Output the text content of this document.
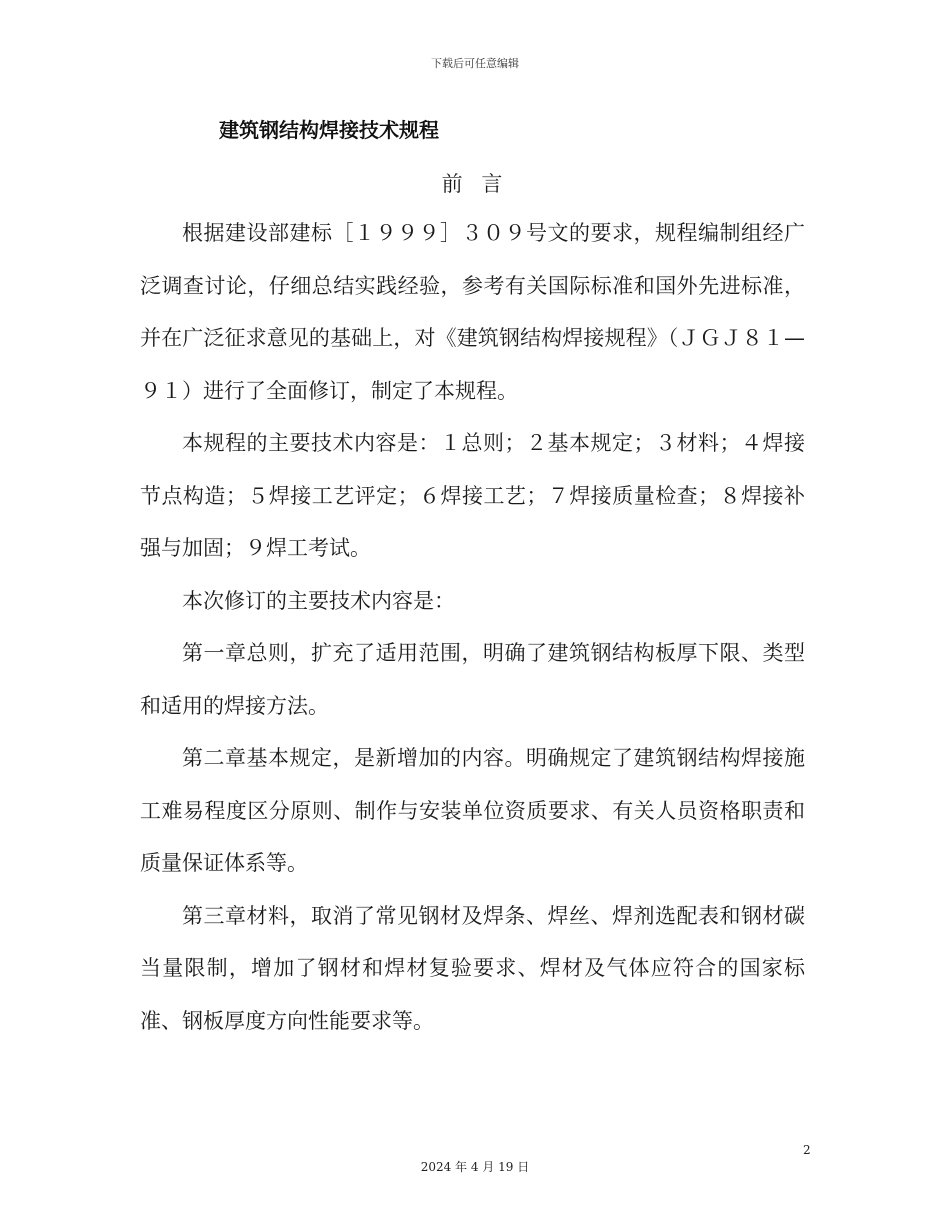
下载后可任意编辑
建筑钢结构焊接技术规程
前 言

根据建设部建标［１９９９］３０９号文的要求，规程编制组经广泛调查讨论，仔细总结实践经验，参考有关国际标准和国外先进标准，并在广泛征求意见的基础上，对《建筑钢结构焊接规程》（ＪＧＪ８１—９１）进行了全面修订，制定了本规程。

本规程的主要技术内容是：１总则；２基本规定；３材料；４焊接节点构造；５焊接工艺评定；６焊接工艺；７焊接质量检查；８焊接补强与加固；９焊工考试。

本次修订的主要技术内容是：

第一章总则，扩充了适用范围，明确了建筑钢结构板厚下限、类型和适用的焊接方法。

第二章基本规定，是新增加的内容。明确规定了建筑钢结构焊接施工难易程度区分原则、制作与安装单位资质要求、有关人员资格职责和质量保证体系等。

第三章材料，取消了常见钢材及焊条、焊丝、焊剂选配表和钢材碳当量限制，增加了钢材和焊材复验要求、焊材及气体应符合的国家标准、钢板厚度方向性能要求等。

2
2024 年 4 月 19 日
